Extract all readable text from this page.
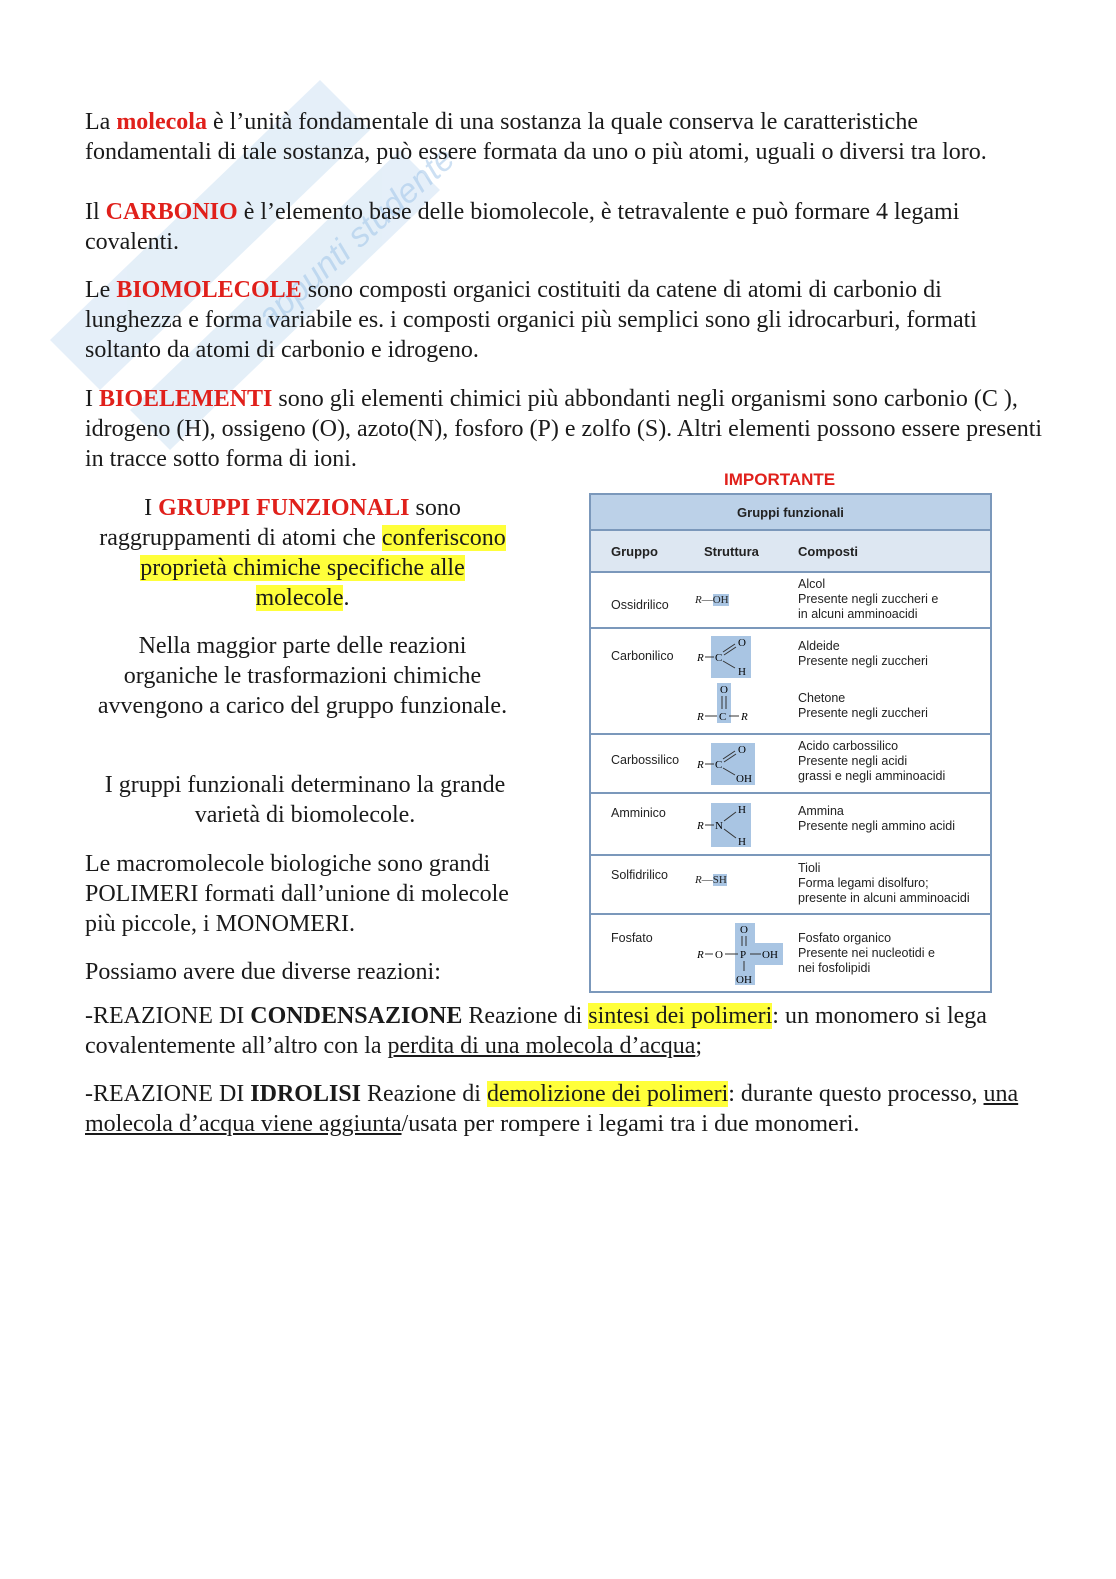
appunti studente

La molecola è l’unità fondamentale di una sostanza la quale conserva le caratteristiche fondamentali di tale sostanza, può essere formata da uno o più atomi, uguali o diversi tra loro.

Il CARBONIO è l’elemento base delle biomolecole, è tetravalente e può formare 4 legami covalenti.

Le BIOMOLECOLE sono composti organici costituiti da catene di atomi di carbonio di lunghezza e forma variabile es. i composti organici più semplici sono gli idrocarburi, formati soltanto da atomi di carbonio e idrogeno.

I BIOELEMENTI sono gli elementi chimici più abbondanti negli organismi sono carbonio (C ), idrogeno (H), ossigeno (O), azoto(N), fosforo (P) e zolfo (S). Altri elementi possono essere presenti in tracce sotto forma di ioni.

I GRUPPI FUNZIONALI sono raggruppamenti di atomi che conferiscono proprietà chimiche specifiche alle molecole.

Nella maggior parte delle reazioni organiche le trasformazioni chimiche avvengono a carico del gruppo funzionale.

I gruppi funzionali determinano la grande varietà di biomolecole.

Le macromolecole biologiche sono grandi POLIMERI formati dall’unione di molecole più piccole, i MONOMERI.

Possiamo avere due diverse reazioni:

IMPORTANTE
Gruppi funzionali
Gruppo	Struttura	Composti
Ossidrilico R—OH
Alcol
Presente negli zuccheri e
in alcuni amminoacidi
Carbonilico R C
O
H
Aldeide
Presente negli zuccheri
O
R C R
Chetone
Presente negli zuccheri
Carbossilico R C
O
OH
Acido carbossilico
Presente negli acidi
grassi e negli amminoacidi
Amminico
R N
H
H
Ammina
Presente negli ammino acidi
Solfidrilico R—SH
Tioli
Forma legami disolfuro;
presente in alcuni amminoacidi
Fosfato
R O
O
P OH
OH
Fosfato organico
Presente nei nucleotidi e
nei fosfolipidi

-REAZIONE DI CONDENSAZIONE Reazione di sintesi dei polimeri: un monomero si lega covalentemente all’altro con la perdita di una molecola d’acqua;

-REAZIONE DI IDROLISI Reazione di demolizione dei polimeri: durante questo processo, una molecola d’acqua viene aggiunta/usata per rompere i legami tra i due monomeri.
